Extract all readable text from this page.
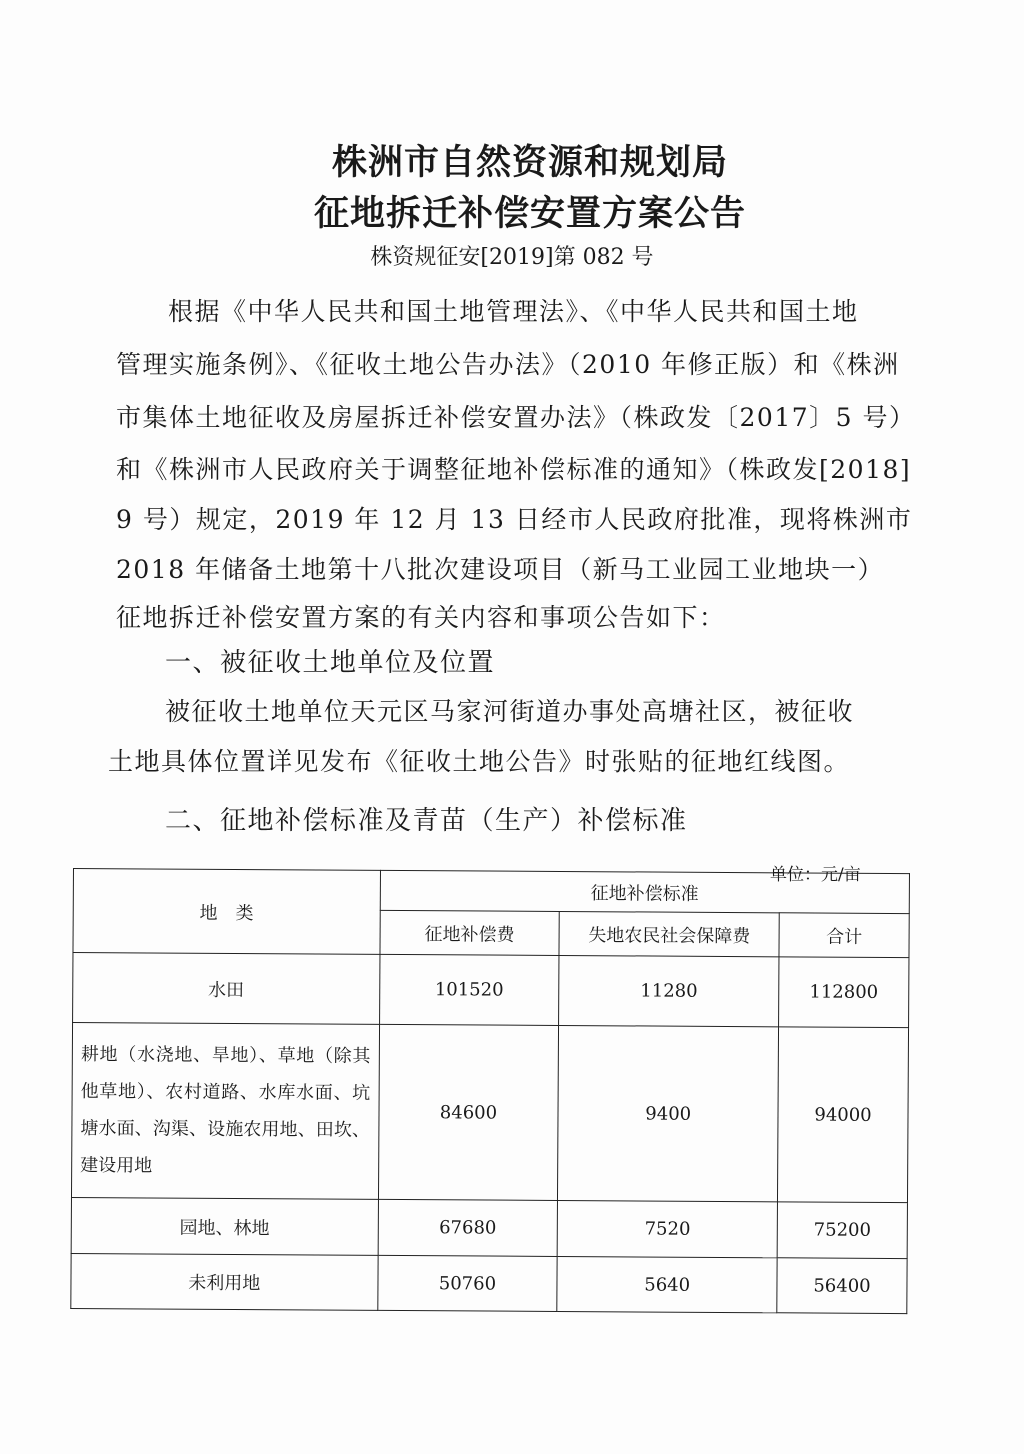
株洲市自然资源和规划局
征地拆迁补偿安置方案公告
株资规征安[2019]第 082 号
根据《中华人民共和国土地管理法》、《中华人民共和国土地
管理实施条例》、《征收土地公告办法》（2010 年修正版）和《株洲
市集体土地征收及房屋拆迁补偿安置办法》（株政发〔2017〕5 号）
和《株洲市人民政府关于调整征地补偿标准的通知》（株政发[2018]
9 号）规定，2019 年 12 月 13 日经市人民政府批准，现将株洲市
2018 年储备土地第十八批次建设项目（新马工业园工业地块一）
征地拆迁补偿安置方案的有关内容和事项公告如下：
一、被征收土地单位及位置
被征收土地单位天元区马家河街道办事处高塘社区，被征收
土地具体位置详见发布《征收土地公告》时张贴的征地红线图。
二、征地补偿标准及青苗（生产）补偿标准
单位：元/亩
地　类	征地补偿标准		
	征地补偿费	失地农民社会保障费	合计
水田	101520	11280	112800
耕地（水浇地、旱地）、草地（除其他草地）、农村道路、水库水面、坑塘水面、沟渠、设施农用地、田坎、建设用地	84600	9400	94000
园地、林地	67680	7520	75200
未利用地	50760	5640	56400
